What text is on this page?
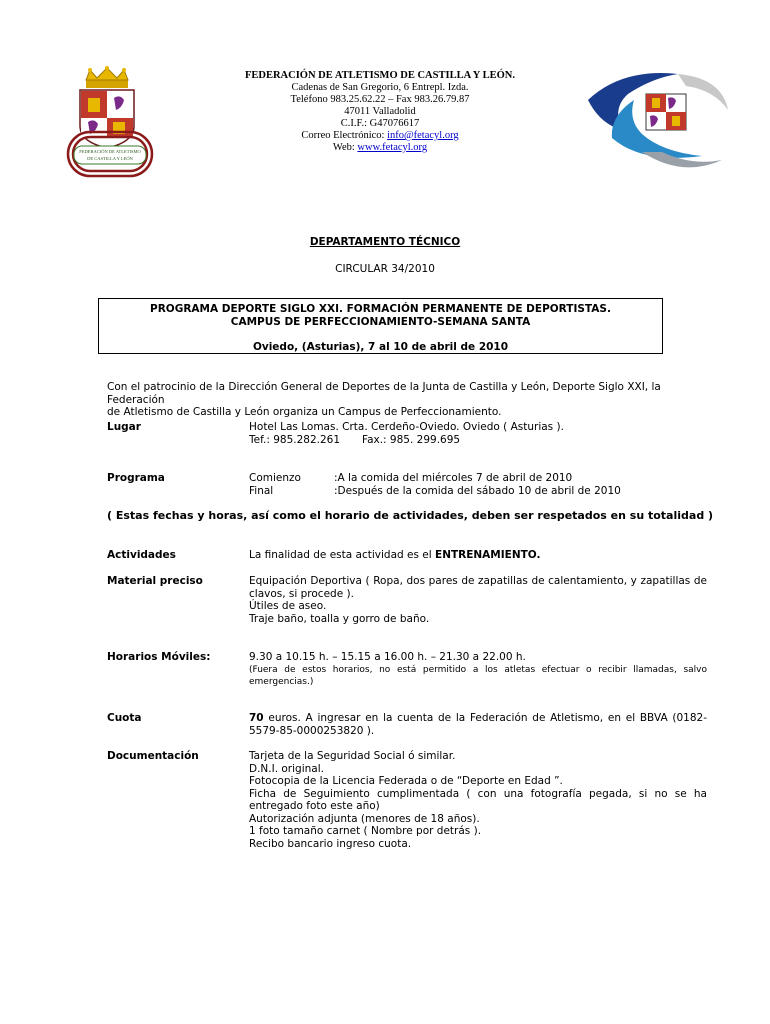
FEDERACIÓN DE ATLETISMO
DE CASTILLA Y LEÓN
FEDERACIÓN DE ATLETISMO DE CASTILLA Y LEÓN.
Cadenas de San Gregorio, 6 Entrepl. Izda.
Teléfono 983.25.62.22 – Fax 983.26.79.87
47011 Valladolid
C.I.F.: G47076617
Correo Electrónico: info@fetacyl.org
Web: www.fetacyl.org
DEPARTAMENTO TÉCNICO
CIRCULAR 34/2010
PROGRAMA DEPORTE SIGLO XXI. FORMACIÓN PERMANENTE DE DEPORTISTAS.
CAMPUS DE PERFECCIONAMIENTO-SEMANA SANTA
Oviedo, (Asturias), 7 al 10 de abril de 2010
Con el patrocinio de la Dirección General de Deportes de la Junta de Castilla y León, Deporte Siglo XXI, la Federación
de Atletismo de Castilla y León organiza un Campus de Perfeccionamiento.
Lugar	Hotel Las Lomas. Crta. Cerdeño-Oviedo. Oviedo ( Asturias ).
Tef.: 985.282.261 Fax.: 985. 299.695
Programa	Comienzo	:A la comida del miércoles 7 de abril de 2010
Final	:Después de la comida del sábado 10 de abril de 2010
( Estas fechas y horas, así como el horario de actividades, deben ser respetados en su totalidad )
Actividades	La finalidad de esta actividad es el ENTRENAMIENTO.
Material preciso	Equipación Deportiva ( Ropa, dos pares de zapatillas de calentamiento, y zapatillas de clavos, si procede ).
Útiles de aseo.
Traje baño, toalla y gorro de baño.
Horarios Móviles:	9.30 a 10.15 h. – 15.15 a 16.00 h. – 21.30 a 22.00 h.
(Fuera de estos horarios, no está permitido a los atletas efectuar o recibir llamadas, salvo emergencias.)
Cuota	70 euros. A ingresar en la cuenta de la Federación de Atletismo, en el BBVA (0182-5579-85-0000253820 ).
Documentación	Tarjeta de la Seguridad Social ó similar.
D.N.I. original.
Fotocopia de la Licencia Federada o de “Deporte en Edad ”.
Ficha de Seguimiento cumplimentada ( con una fotografía pegada, si no se ha entregado foto este año)
Autorización adjunta (menores de 18 años).
1 foto tamaño carnet ( Nombre por detrás ).
Recibo bancario ingreso cuota.
